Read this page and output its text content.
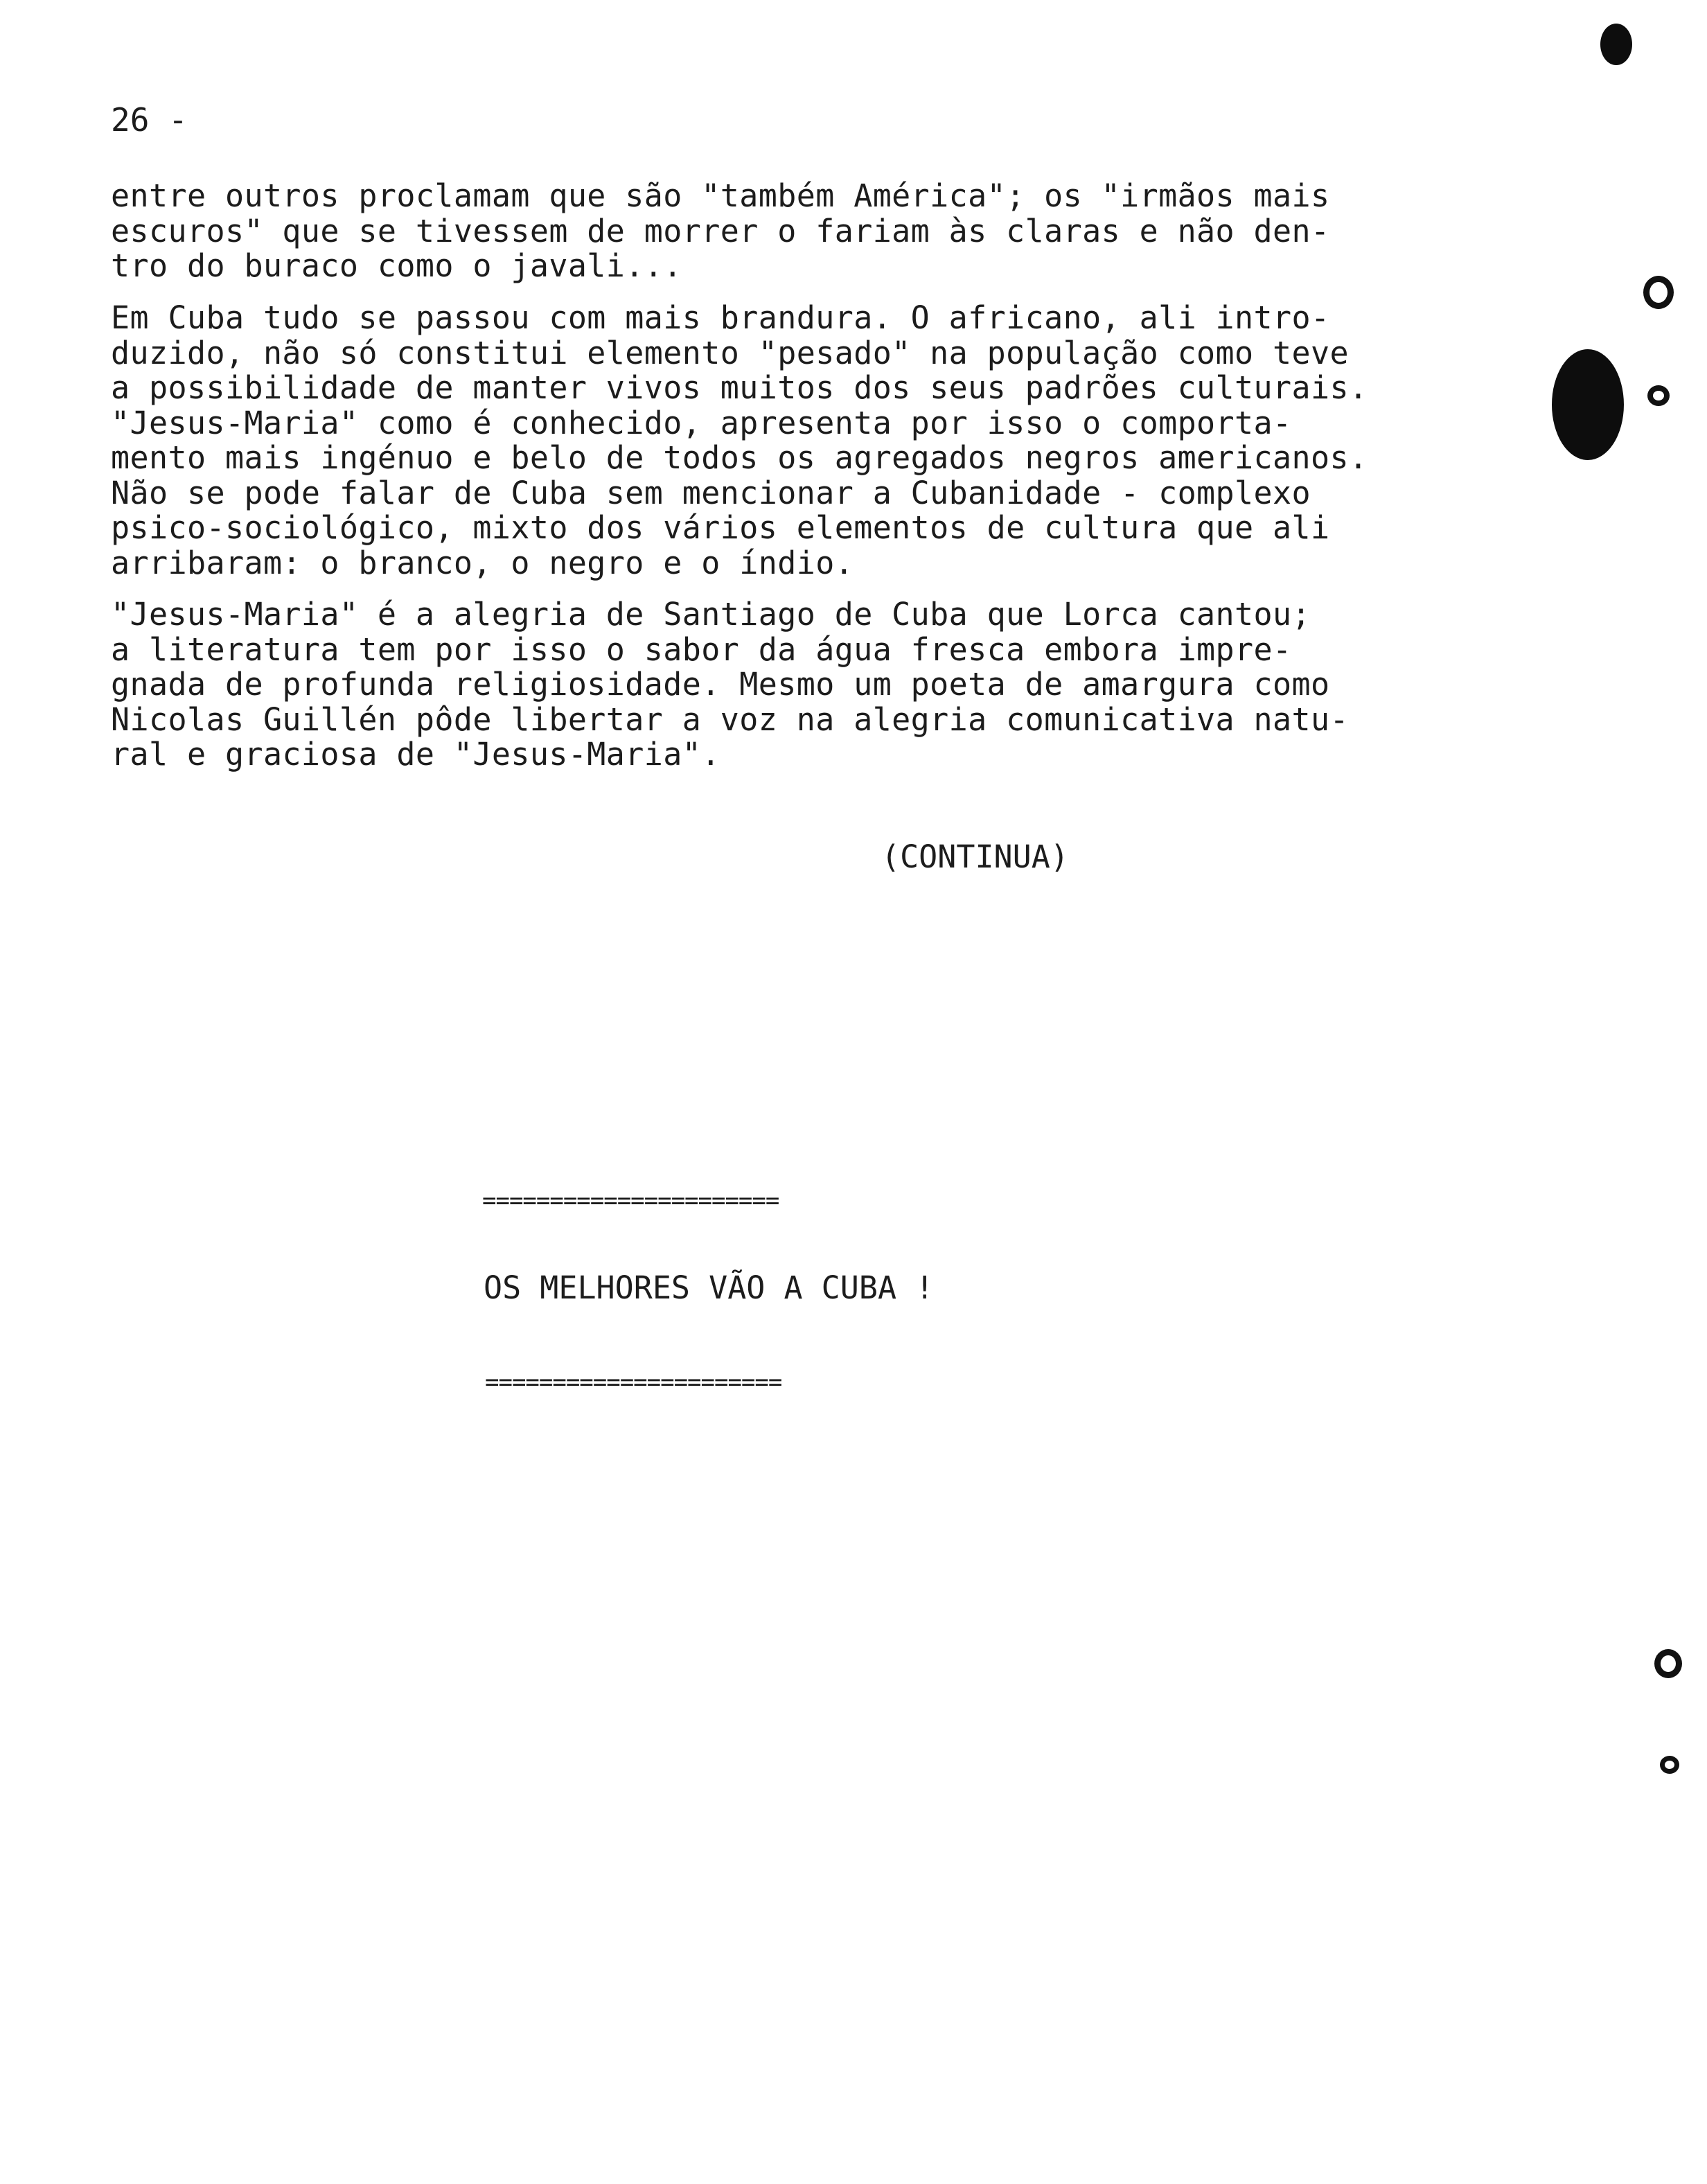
26 -

entre outros proclamam que são "também América"; os "irmãos mais
escuros" que se tivessem de morrer o fariam às claras e não den-
tro do buraco como o javali...

Em Cuba tudo se passou com mais brandura. O africano, ali intro-
duzido, não só constitui elemento "pesado" na população como teve
a possibilidade de manter vivos muitos dos seus padrões culturais.
"Jesus-Maria" como é conhecido, apresenta por isso o comporta-
mento mais ingénuo e belo de todos os agregados negros americanos.
Não se pode falar de Cuba sem mencionar a Cubanidade - complexo
psico-sociológico, mixto dos vários elementos de cultura que ali
arribaram: o branco, o negro e o índio.

"Jesus-Maria" é a alegria de Santiago de Cuba que Lorca cantou;
a literatura tem por isso o sabor da água fresca embora impre-
gnada de profunda religiosidade. Mesmo um poeta de amargura como
Nicolas Guillén pôde libertar a voz na alegria comunicativa natu-
ral e graciosa de "Jesus-Maria".

(CONTINUA)
======================
OS MELHORES VÃO A CUBA !
======================
